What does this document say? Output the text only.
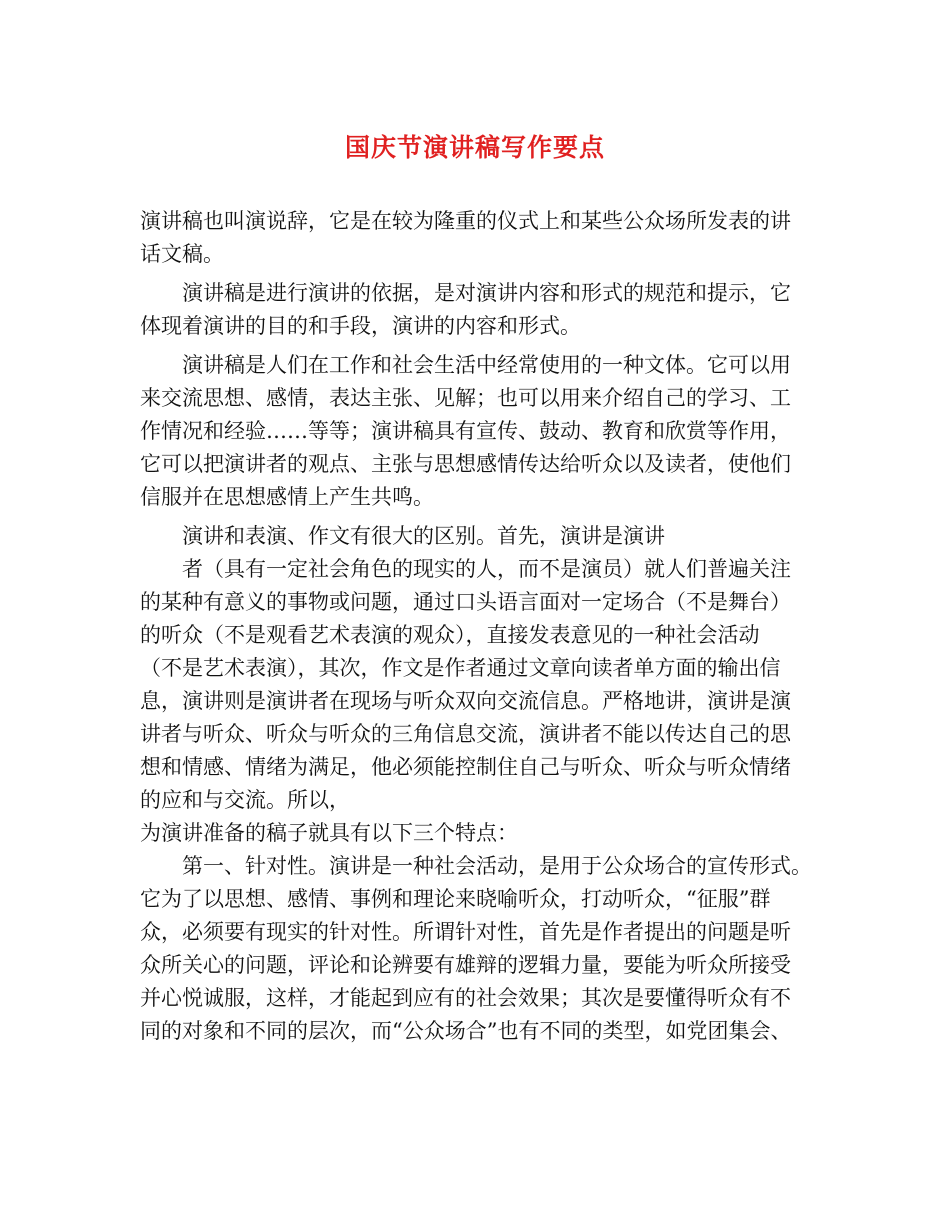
国庆节演讲稿写作要点
演讲稿也叫演说辞，它是在较为隆重的仪式上和某些公众场所发表的讲
话文稿。
演讲稿是进行演讲的依据，是对演讲内容和形式的规范和提示，它
体现着演讲的目的和手段，演讲的内容和形式。
演讲稿是人们在工作和社会生活中经常使用的一种文体。它可以用
来交流思想、感情，表达主张、见解；也可以用来介绍自己的学习、工
作情况和经验……等等；演讲稿具有宣传、鼓动、教育和欣赏等作用，
它可以把演讲者的观点、主张与思想感情传达给听众以及读者，使他们
信服并在思想感情上产生共鸣。
演讲和表演、作文有很大的区别。首先，演讲是演讲
者（具有一定社会角色的现实的人，而不是演员）就人们普遍关注
的某种有意义的事物或问题，通过口头语言面对一定场合（不是舞台）
的听众（不是观看艺术表演的观众），直接发表意见的一种社会活动
（不是艺术表演），其次，作文是作者通过文章向读者单方面的输出信
息，演讲则是演讲者在现场与听众双向交流信息。严格地讲，演讲是演
讲者与听众、听众与听众的三角信息交流，演讲者不能以传达自己的思
想和情感、情绪为满足，他必须能控制住自己与听众、听众与听众情绪
的应和与交流。所以，
为演讲准备的稿子就具有以下三个特点：
第一、针对性。演讲是一种社会活动，是用于公众场合的宣传形式。
它为了以思想、感情、事例和理论来晓喻听众，打动听众，“征服”群
众，必须要有现实的针对性。所谓针对性，首先是作者提出的问题是听
众所关心的问题，评论和论辨要有雄辩的逻辑力量，要能为听众所接受
并心悦诚服，这样，才能起到应有的社会效果；其次是要懂得听众有不
同的对象和不同的层次，而“公众场合”也有不同的类型，如党团集会、
